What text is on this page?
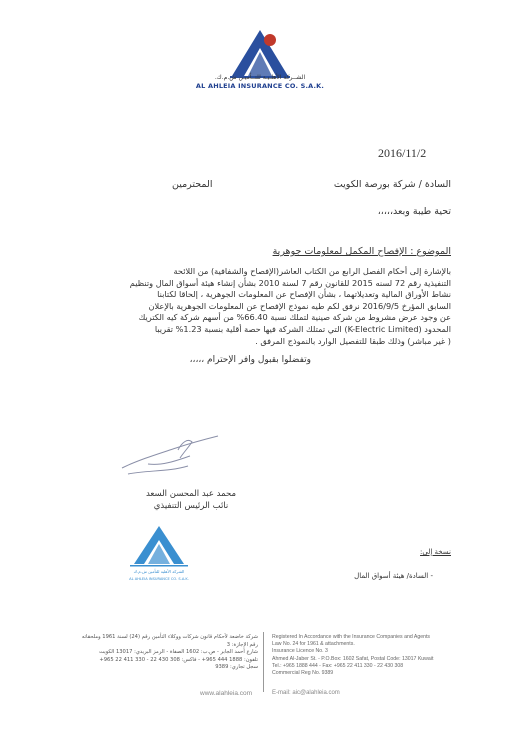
الشــركة الأهلـيـة للتــأميـن ش.م.ك.
AL AHLEIA INSURANCE CO. S.A.K.
2016/11/2
السادة / شركة بورصة الكويت
المحترمين
تحية طيبة وبعد،،،،،
الموضوع : الإفصاح المكمل لمعلومات جوهرية
بالإشارة إلى أحكام الفصل الرابع من الكتاب العاشر(الإفصاح والشفافية) من اللائحة
التنفيذية رقم 72 لسنه 2015 للقانون رقم 7 لسنة 2010 بشأن إنشاء هيئة أسواق المال وتنظيم
نشاط الأوراق المالية وتعديلاتهما ، بشأن الإفصاح عن المعلومات الجوهرية ، إلحاقا لكتابنا
السابق المؤرخ 2016/9/5 نرفق لكم طيه نموذج الإفصاح عن المعلومات الجوهرية بالإعلان
عن وجود عرض مشروط من شركة صينية لتملك نسبة 66.40% من أسهم شركة كيه الكتريك
المحدود (K-Electric Limited) التي تمتلك الشركة فيها حصة أقلية بنسبة 1.23% تقريبا
( غير مباشر) وذلك طبقا للتفصيل الوارد بالنموذج المرفق .
وتفضلوا بقبول وافر الإحترام ،،،،،
محمد عبد المحسن السعد
نائب الرئيس التنفيذي
الشركة الأهلية للتأمين ش.م.ك
AL AHLEIA INSURANCE CO. S.A.K.
نسخة إلى:
- السادة/ هيئة أسواق المال
شركة خاضعة لأحكام قانون شركات ووكلاء التأمين رقم (24) لسنة 1961 وملحقاته
رقم الإجازة: 3
شارع أحمد الجابر - ص.ب: 1602 الصفاة - الرمز البريدي: 13017 الكويت
تلفون: 1888 444 965+ - فاكس: 308 430 22 - 330 411 22 965+
سجل تجاري: 9389
Registered In Accordance with the Insurance Companies and Agents
Law No. 24 for 1961 & attachments.
Insurance Licence No. 3
Ahmed Al-Jaber St. - P.O.Box: 1602 Safat, Postal Code: 13017 Kuwait
Tel.: +965 1888 444 - Fax: +965 22 411 330 - 22 430 308
Commercial Reg No. 9389
www.alahleia.com	E-mail: aic@alahleia.com
